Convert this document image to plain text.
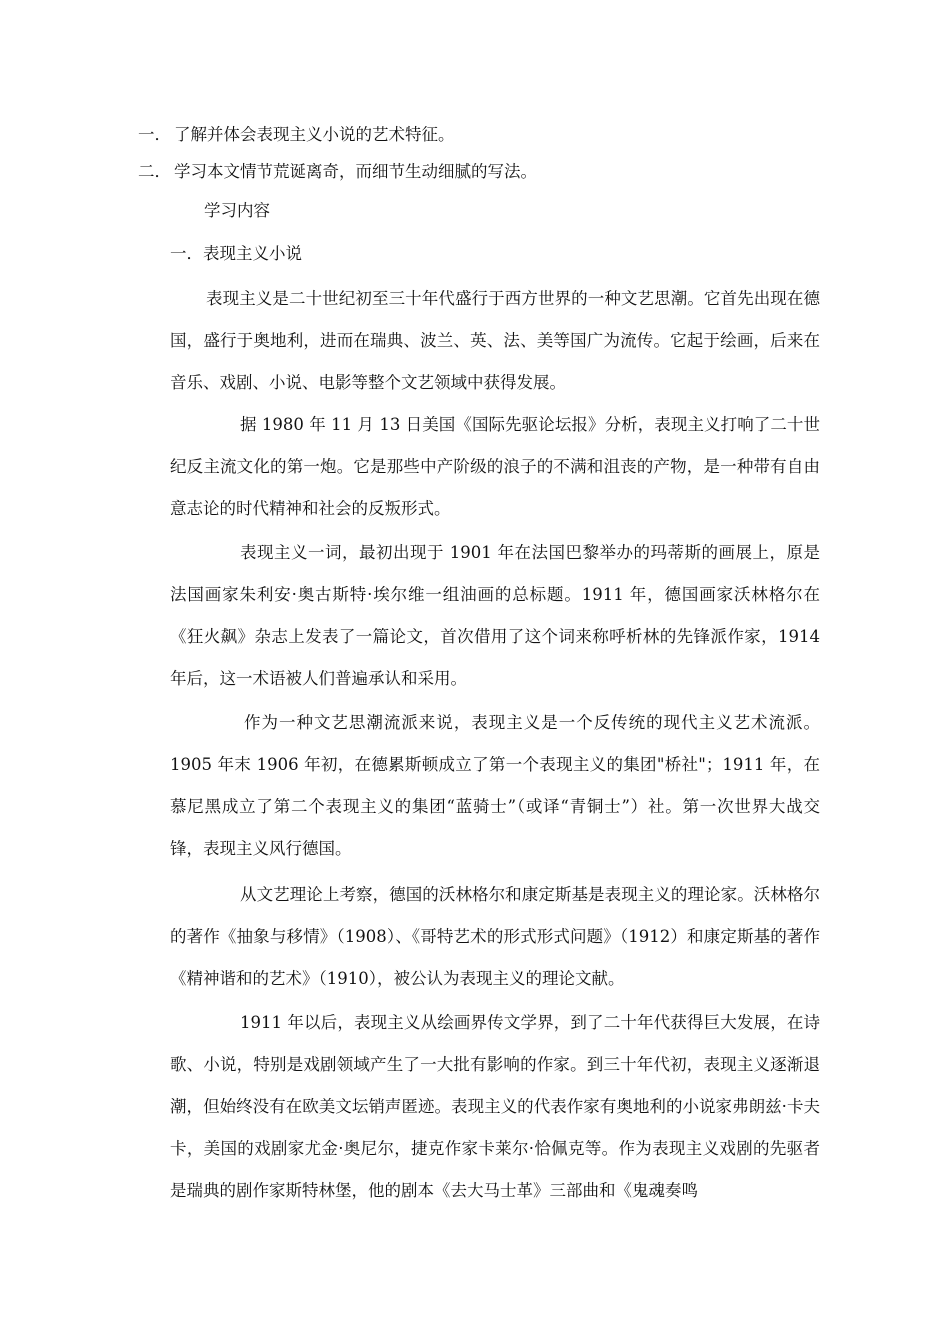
一． 了解并体会表现主义小说的艺术特征。
二． 学习本文情节荒诞离奇，而细节生动细腻的写法。
学习内容
一．表现主义小说

表现主义是二十世纪初至三十年代盛行于西方世界的一种文艺思潮。它首先出现在德国，盛行于奥地利，进而在瑞典、波兰、英、法、美等国广为流传。它起于绘画，后来在音乐、戏剧、小说、电影等整个文艺领域中获得发展。

据 1980 年 11 月 13 日美国《国际先驱论坛报》分析，表现主义打响了二十世纪反主流文化的第一炮。它是那些中产阶级的浪子的不满和沮丧的产物，是一种带有自由意志论的时代精神和社会的反叛形式。

表现主义一词，最初出现于 1901 年在法国巴黎举办的玛蒂斯的画展上，原是法国画家朱利安·奥古斯特·埃尔维一组油画的总标题。1911 年，德国画家沃林格尔在《狂火飙》杂志上发表了一篇论文，首次借用了这个词来称呼析林的先锋派作家，1914 年后，这一术语被人们普遍承认和采用。

作为一种文艺思潮流派来说，表现主义是一个反传统的现代主义艺术流派。1905 年末 1906 年初，在德累斯顿成立了第一个表现主义的集团"桥社"；1911 年，在慕尼黑成立了第二个表现主义的集团“蓝骑士”（或译“青铜士”）社。第一次世界大战交锋，表现主义风行德国。

从文艺理论上考察，德国的沃林格尔和康定斯基是表现主义的理论家。沃林格尔的著作《抽象与移情》（1908）、《哥特艺术的形式形式问题》（1912）和康定斯基的著作《精神谐和的艺术》（1910），被公认为表现主义的理论文献。

1911 年以后，表现主义从绘画界传文学界，到了二十年代获得巨大发展，在诗歌、小说，特别是戏剧领域产生了一大批有影响的作家。到三十年代初，表现主义逐渐退潮，但始终没有在欧美文坛销声匿迹。表现主义的代表作家有奥地利的小说家弗朗兹·卡夫卡，美国的戏剧家尤金·奥尼尔，捷克作家卡莱尔·恰佩克等。作为表现主义戏剧的先驱者是瑞典的剧作家斯特林堡，他的剧本《去大马士革》三部曲和《鬼魂奏鸣
